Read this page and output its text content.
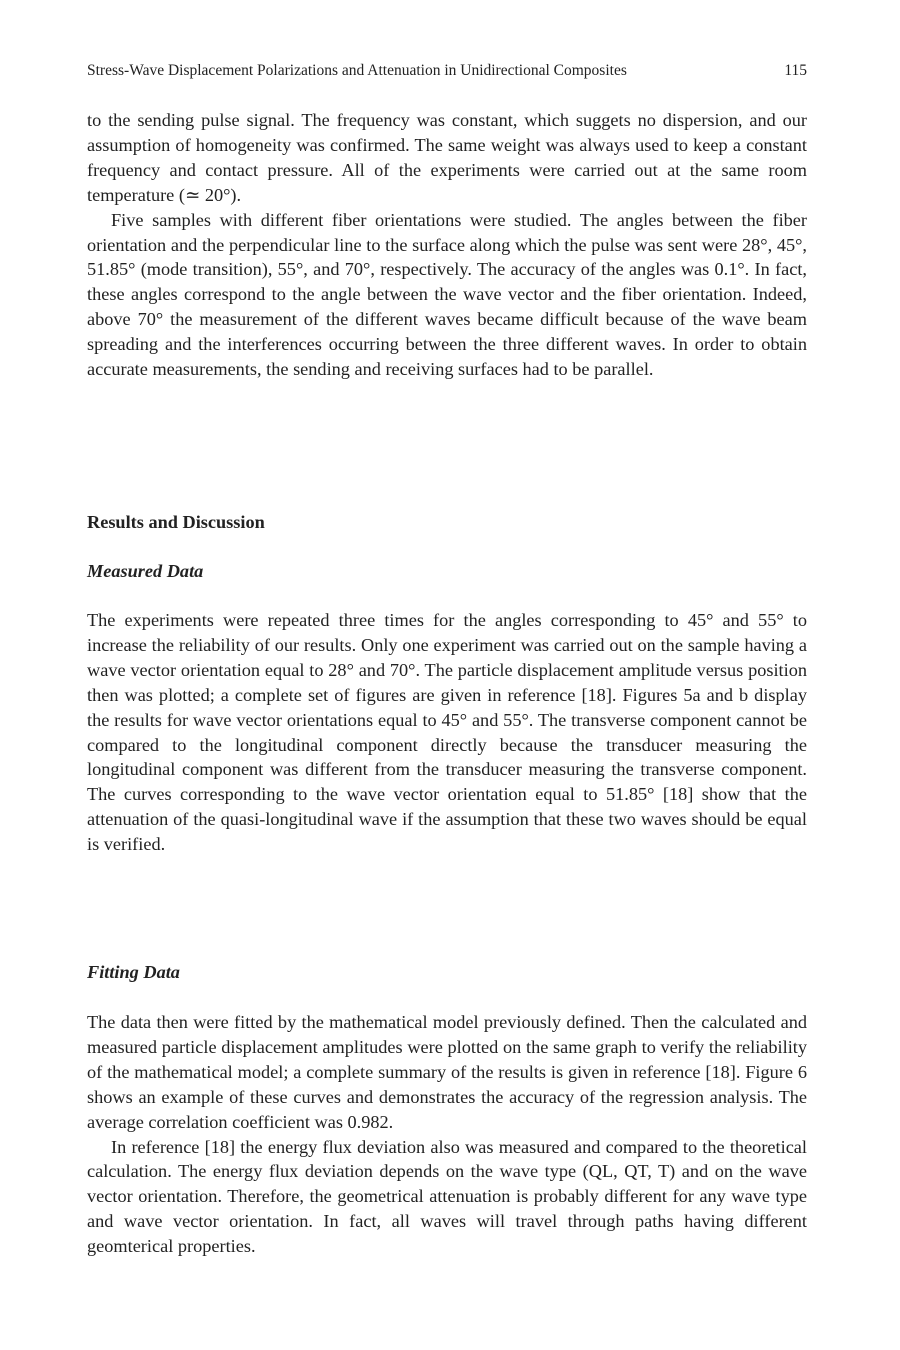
Stress-Wave Displacement Polarizations and Attenuation in Unidirectional Composites	115

to the sending pulse signal. The frequency was constant, which suggets no dispersion, and our assumption of homogeneity was confirmed. The same weight was always used to keep a constant frequency and contact pressure. All of the experiments were carried out at the same room temperature (≃ 20°).

Five samples with different fiber orientations were studied. The angles between the fiber orientation and the perpendicular line to the surface along which the pulse was sent were 28°, 45°, 51.85° (mode transition), 55°, and 70°, respectively. The accuracy of the angles was 0.1°. In fact, these angles correspond to the angle between the wave vector and the fiber orientation. Indeed, above 70° the measurement of the different waves became difficult because of the wave beam spreading and the interferences occurring between the three different waves. In order to obtain accurate measurements, the sending and receiving surfaces had to be parallel.

Results and Discussion
Measured Data

The experiments were repeated three times for the angles corresponding to 45° and 55° to increase the reliability of our results. Only one experiment was carried out on the sample having a wave vector orientation equal to 28° and 70°. The particle displacement amplitude versus position then was plotted; a complete set of figures are given in reference [18]. Figures 5a and b display the results for wave vector orientations equal to 45° and 55°. The transverse component cannot be compared to the longitudinal component directly because the transducer measuring the longitudinal component was different from the transducer measuring the transverse component. The curves corresponding to the wave vector orientation equal to 51.85° [18] show that the attenuation of the quasi-longitudinal wave if the assumption that these two waves should be equal is verified.

Fitting Data

The data then were fitted by the mathematical model previously defined. Then the calculated and measured particle displacement amplitudes were plotted on the same graph to verify the reliability of the mathematical model; a complete summary of the results is given in reference [18]. Figure 6 shows an example of these curves and demonstrates the accuracy of the regression analysis. The average correlation coefficient was 0.982.

In reference [18] the energy flux deviation also was measured and compared to the theoretical calculation. The energy flux deviation depends on the wave type (QL, QT, T) and on the wave vector orientation. Therefore, the geometrical attenuation is probably different for any wave type and wave vector orientation. In fact, all waves will travel through paths having different geomterical properties.
